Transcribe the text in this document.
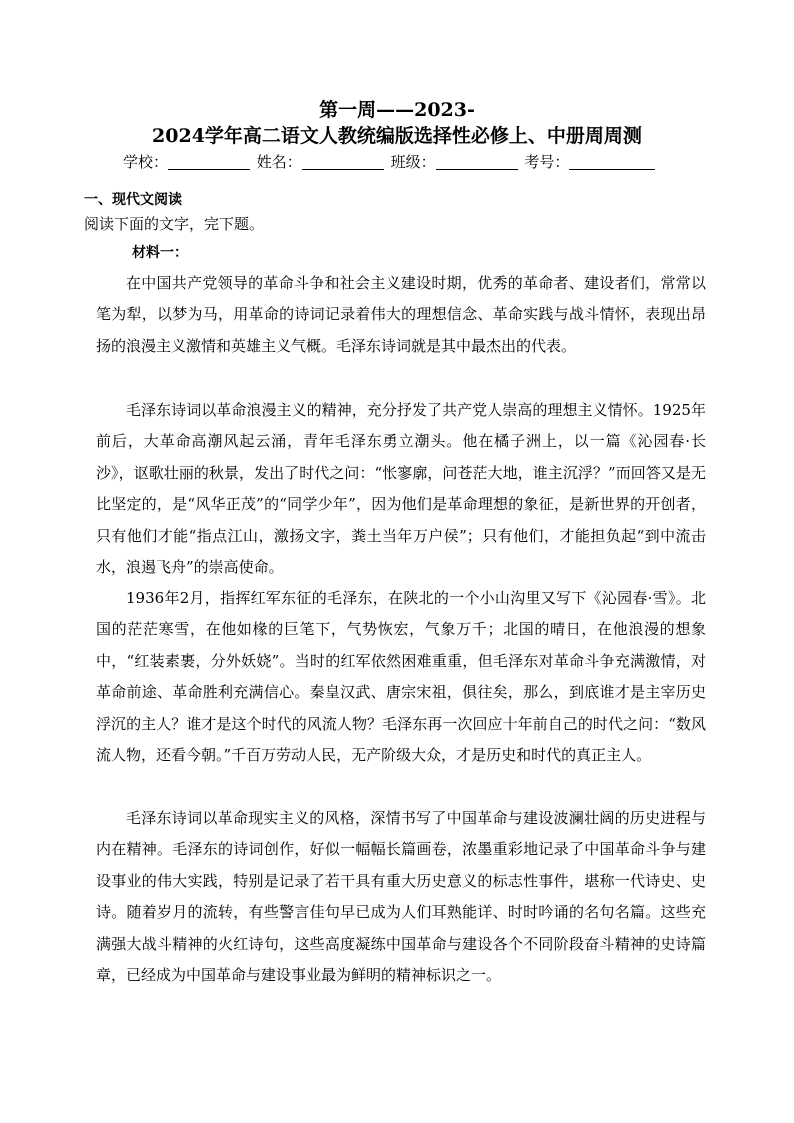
第一周——2023-
2024学年高二语文人教统编版选择性必修上、中册周周测
学校：	姓名：	班级：	考号：
一、现代文阅读
阅读下面的文字，完下题。
材料一：

在中国共产党领导的革命斗争和社会主义建设时期，优秀的革命者、建设者们，常常以笔为犁，以梦为马，用革命的诗词记录着伟大的理想信念、革命实践与战斗情怀，表现出昂扬的浪漫主义激情和英雄主义气概。毛泽东诗词就是其中最杰出的代表。

毛泽东诗词以革命浪漫主义的精神，充分抒发了共产党人崇高的理想主义情怀。1925年前后，大革命高潮风起云涌，青年毛泽东勇立潮头。他在橘子洲上，以一篇《沁园春·长沙》，讴歌壮丽的秋景，发出了时代之问：“怅寥廓，问苍茫大地，谁主沉浮？”而回答又是无比坚定的，是“风华正茂”的“同学少年”，因为他们是革命理想的象征，是新世界的开创者，只有他们才能“指点江山，激扬文字，粪土当年万户侯”；只有他们，才能担负起“到中流击水，浪遏飞舟”的崇高使命。

1936年2月，指挥红军东征的毛泽东，在陕北的一个小山沟里又写下《沁园春·雪》。北国的茫茫寒雪，在他如椽的巨笔下，气势恢宏，气象万千；北国的晴日，在他浪漫的想象中，“红装素裹，分外妖娆”。当时的红军依然困难重重，但毛泽东对革命斗争充满激情，对革命前途、革命胜利充满信心。秦皇汉武、唐宗宋祖，俱往矣，那么，到底谁才是主宰历史浮沉的主人？谁才是这个时代的风流人物？毛泽东再一次回应十年前自己的时代之问：“数风流人物，还看今朝。”千百万劳动人民，无产阶级大众，才是历史和时代的真正主人。

毛泽东诗词以革命现实主义的风格，深情书写了中国革命与建设波澜壮阔的历史进程与内在精神。毛泽东的诗词创作，好似一幅幅长篇画卷，浓墨重彩地记录了中国革命斗争与建设事业的伟大实践，特别是记录了若干具有重大历史意义的标志性事件，堪称一代诗史、史诗。随着岁月的流转，有些警言佳句早已成为人们耳熟能详、时时吟诵的名句名篇。这些充满强大战斗精神的火红诗句，这些高度凝练中国革命与建设各个不同阶段奋斗精神的史诗篇章，已经成为中国革命与建设事业最为鲜明的精神标识之一。
